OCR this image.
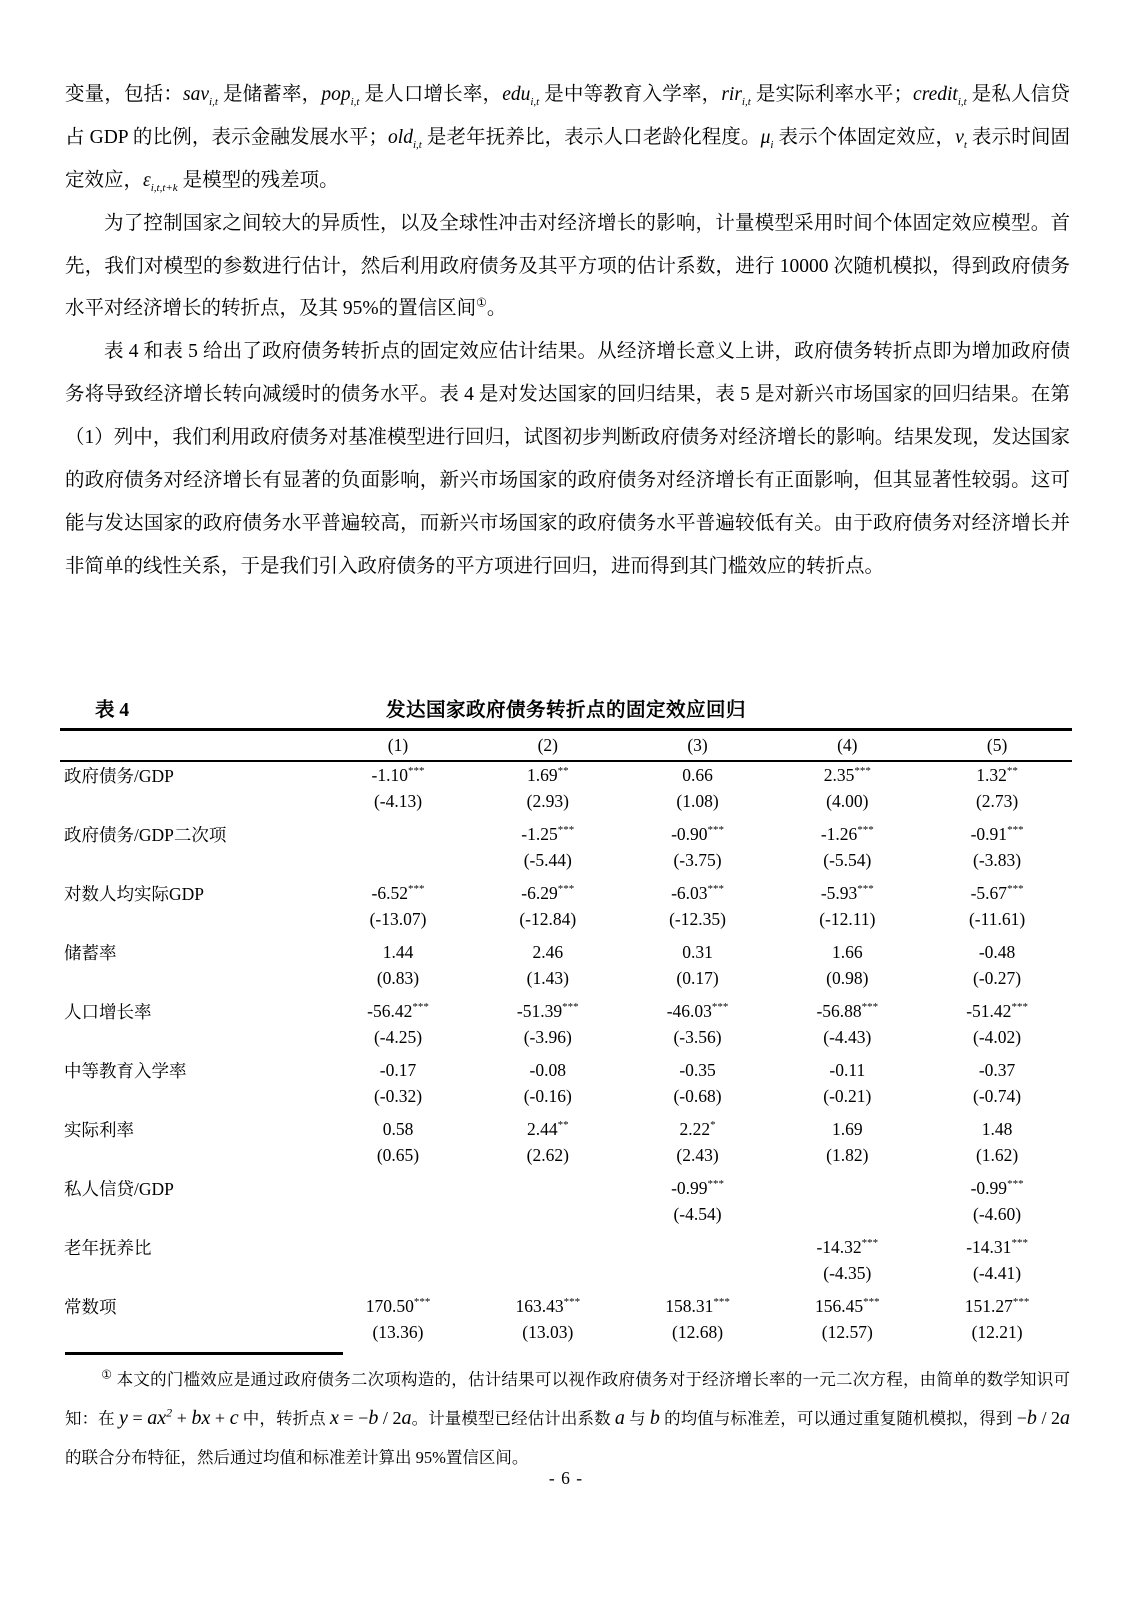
变量，包括：sav$_{i,t}$ 是储蓄率，pop$_{i,t}$ 是人口增长率，edu$_{i,t}$ 是中等教育入学率，rir$_{i,t}$ 是实际利率水平；credit$_{i,t}$ 是私人信贷占 GDP 的比例，表示金融发展水平；old$_{i,t}$ 是老年抚养比，表示人口老龄化程度。$\mu_i$ 表示个体固定效应，$\nu_t$ 表示时间固定效应，$\varepsilon_{i,t,t+k}$ 是模型的残差项。

为了控制国家之间较大的异质性，以及全球性冲击对经济增长的影响，计量模型采用时间个体固定效应模型。首先，我们对模型的参数进行估计，然后利用政府债务及其平方项的估计系数，进行 10000 次随机模拟，得到政府债务水平对经济增长的转折点，及其 95%的置信区间①。

表 4 和表 5 给出了政府债务转折点的固定效应估计结果。从经济增长意义上讲，政府债务转折点即为增加政府债务将导致经济增长转向减缓时的债务水平。表 4 是对发达国家的回归结果，表 5 是对新兴市场国家的回归结果。在第（1）列中，我们利用政府债务对基准模型进行回归，试图初步判断政府债务对经济增长的影响。结果发现，发达国家的政府债务对经济增长有显著的负面影响，新兴市场国家的政府债务对经济增长有正面影响，但其显著性较弱。这可能与发达国家的政府债务水平普遍较高，而新兴市场国家的政府债务水平普遍较低有关。由于政府债务对经济增长并非简单的线性关系，于是我们引入政府债务的平方项进行回归，进而得到其门槛效应的转折点。

表 4	发达国家政府债务转折点的固定效应回归
	(1)	(2)	(3)	(4)	(5)
政府债务/GDP	-1.10***	1.69**	0.66	2.35***	1.32**
	(-4.13)	(2.93)	(1.08)	(4.00)	(2.73)

政府债务/GDP二次项		-1.25***	-0.90***	-1.26***	-0.91***
		(-5.44)	(-3.75)	(-5.54)	(-3.83)

对数人均实际GDP	-6.52***	-6.29***	-6.03***	-5.93***	-5.67***
	(-13.07)	(-12.84)	(-12.35)	(-12.11)	(-11.61)

储蓄率	1.44	2.46	0.31	1.66	-0.48
	(0.83)	(1.43)	(0.17)	(0.98)	(-0.27)

人口增长率	-56.42***	-51.39***	-46.03***	-56.88***	-51.42***
	(-4.25)	(-3.96)	(-3.56)	(-4.43)	(-4.02)

中等教育入学率	-0.17	-0.08	-0.35	-0.11	-0.37
	(-0.32)	(-0.16)	(-0.68)	(-0.21)	(-0.74)

实际利率	0.58	2.44**	2.22*	1.69	1.48
	(0.65)	(2.62)	(2.43)	(1.82)	(1.62)

私人信贷/GDP			-0.99***		-0.99***
			(-4.54)		(-4.60)

老年抚养比				-14.32***	-14.31***
				(-4.35)	(-4.41)

常数项	170.50***	163.43***	158.31***	156.45***	151.27***
	(13.36)	(13.03)	(12.68)	(12.57)	(12.21)

① 本文的门槛效应是通过政府债务二次项构造的，估计结果可以视作政府债务对于经济增长率的一元二次方程，由简单的数学知识可知：在 $y = ax^2$ + bx + c 中，转折点 x = −b / 2a。计量模型已经估计出系数 a 与 b 的均值与标准差，可以通过重复随机模拟，得到 −b / 2a 的联合分布特征，然后通过均值和标准差计算出 95%置信区间。

- 6 -
